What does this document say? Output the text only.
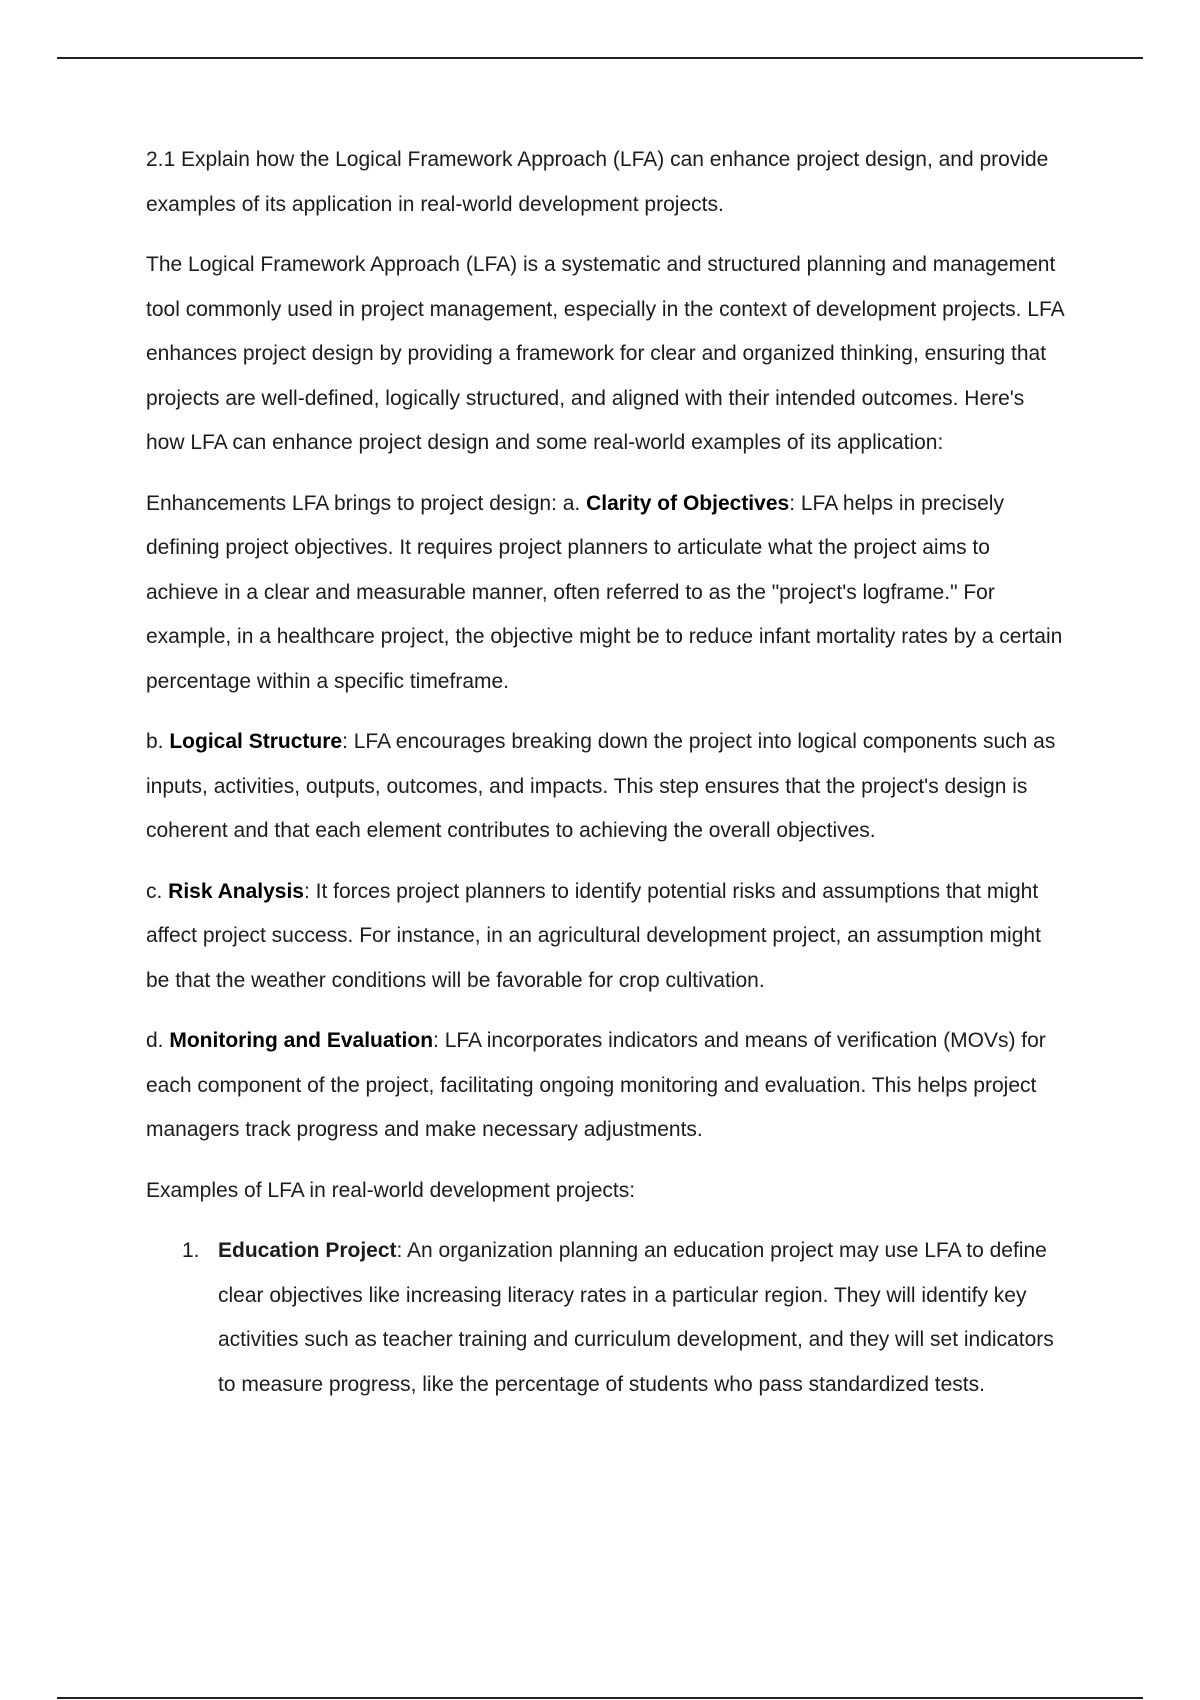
2.1 Explain how the Logical Framework Approach (LFA) can enhance project design, and provide examples of its application in real-world development projects.

The Logical Framework Approach (LFA) is a systematic and structured planning and management tool commonly used in project management, especially in the context of development projects. LFA enhances project design by providing a framework for clear and organized thinking, ensuring that projects are well-defined, logically structured, and aligned with their intended outcomes. Here's how LFA can enhance project design and some real-world examples of its application:

Enhancements LFA brings to project design: a. Clarity of Objectives: LFA helps in precisely defining project objectives. It requires project planners to articulate what the project aims to achieve in a clear and measurable manner, often referred to as the "project's logframe." For example, in a healthcare project, the objective might be to reduce infant mortality rates by a certain percentage within a specific timeframe.

b. Logical Structure: LFA encourages breaking down the project into logical components such as inputs, activities, outputs, outcomes, and impacts. This step ensures that the project's design is coherent and that each element contributes to achieving the overall objectives.

c. Risk Analysis: It forces project planners to identify potential risks and assumptions that might affect project success. For instance, in an agricultural development project, an assumption might be that the weather conditions will be favorable for crop cultivation.

d. Monitoring and Evaluation: LFA incorporates indicators and means of verification (MOVs) for each component of the project, facilitating ongoing monitoring and evaluation. This helps project managers track progress and make necessary adjustments.

Examples of LFA in real-world development projects:

1. Education Project: An organization planning an education project may use LFA to define clear objectives like increasing literacy rates in a particular region. They will identify key activities such as teacher training and curriculum development, and they will set indicators to measure progress, like the percentage of students who pass standardized tests.
